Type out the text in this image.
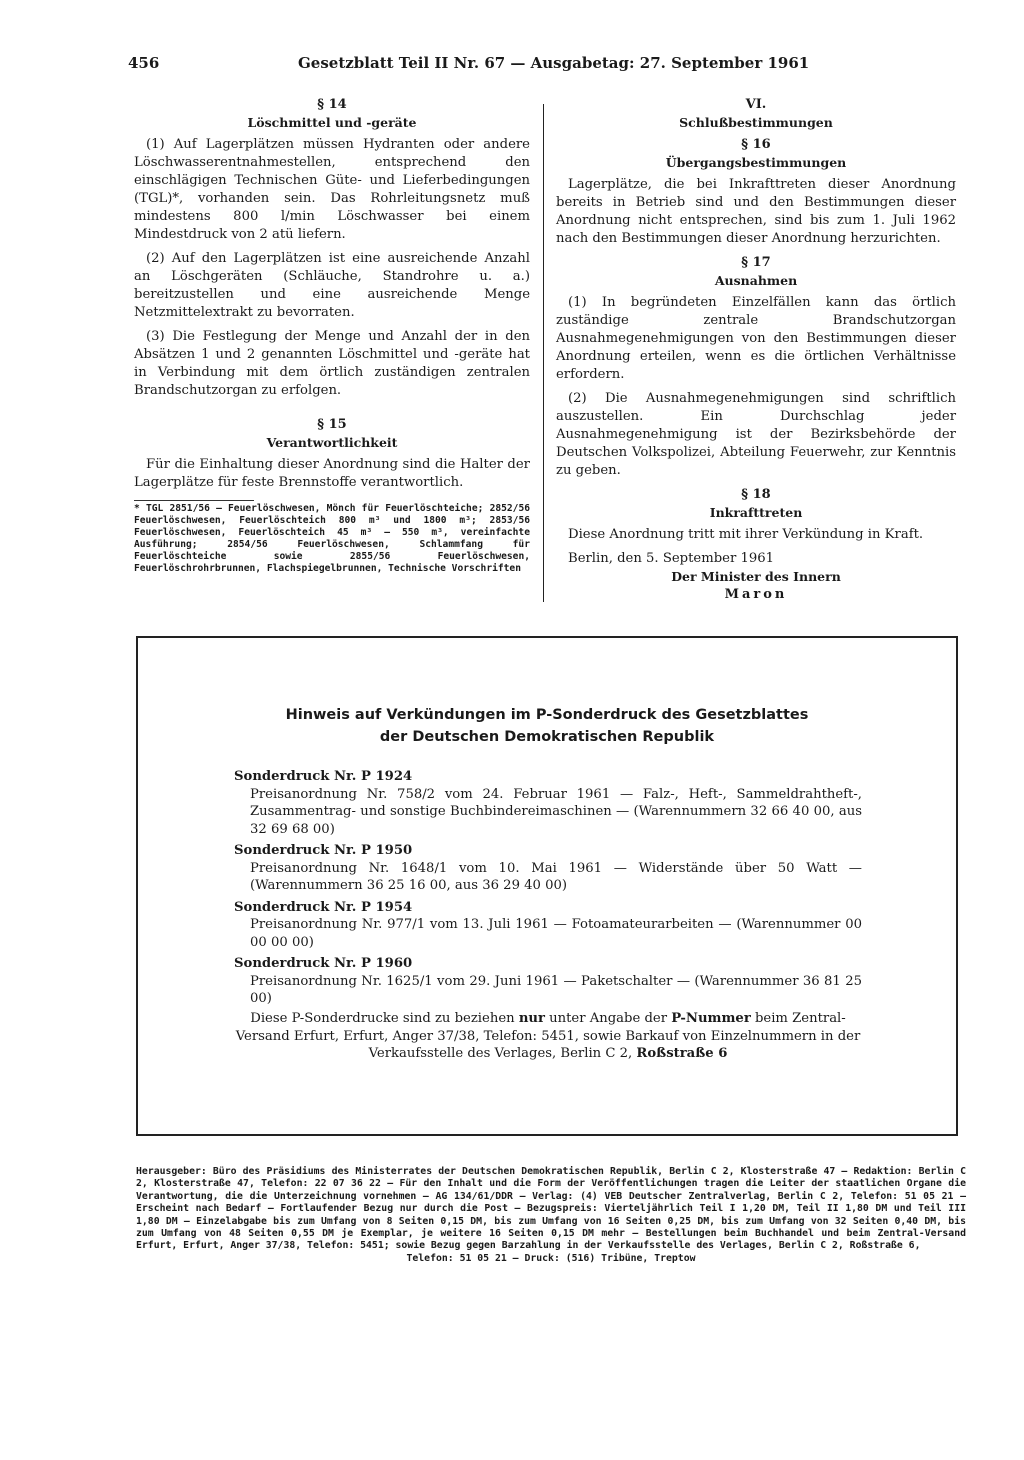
456	Gesetzblatt Teil II Nr. 67 — Ausgabetag: 27. September 1961
§ 14
Löschmittel und -geräte

(1) Auf Lagerplätzen müssen Hydranten oder andere Löschwasserentnahmestellen, entsprechend den einschlägigen Technischen Güte- und Lieferbedingungen (TGL)*, vorhanden sein. Das Rohrleitungsnetz muß mindestens 800 l/min Löschwasser bei einem Mindestdruck von 2 atü liefern.

(2) Auf den Lagerplätzen ist eine ausreichende Anzahl an Löschgeräten (Schläuche, Standrohre u. a.) bereitzustellen und eine ausreichende Menge Netzmittelextrakt zu bevorraten.

(3) Die Festlegung der Menge und Anzahl der in den Absätzen 1 und 2 genannten Löschmittel und -geräte hat in Verbindung mit dem örtlich zuständigen zentralen Brandschutzorgan zu erfolgen.

§ 15
Verantwortlichkeit

Für die Einhaltung dieser Anordnung sind die Halter der Lagerplätze für feste Brennstoffe verantwortlich.

* TGL 2851/56 – Feuerlöschwesen, Mönch für Feuerlöschteiche; 2852/56 Feuerlöschwesen, Feuerlöschteich 800 m³ und 1800 m³; 2853/56 Feuerlöschwesen, Feuerlöschteich 45 m³ – 550 m³, vereinfachte Ausführung; 2854/56 Feuerlöschwesen, Schlammfang für Feuerlöschteiche sowie 2855/56 Feuerlöschwesen, Feuerlöschrohrbrunnen, Flachspiegelbrunnen, Technische Vorschriften
VI.
Schlußbestimmungen
§ 16
Übergangsbestimmungen

Lagerplätze, die bei Inkrafttreten dieser Anordnung bereits in Betrieb sind und den Bestimmungen dieser Anordnung nicht entsprechen, sind bis zum 1. Juli 1962 nach den Bestimmungen dieser Anordnung herzurichten.

§ 17
Ausnahmen

(1) In begründeten Einzelfällen kann das örtlich zuständige zentrale Brandschutzorgan Ausnahmegenehmigungen von den Bestimmungen dieser Anordnung erteilen, wenn es die örtlichen Verhältnisse erfordern.

(2) Die Ausnahmegenehmigungen sind schriftlich auszustellen. Ein Durchschlag jeder Ausnahmegenehmigung ist der Bezirksbehörde der Deutschen Volkspolizei, Abteilung Feuerwehr, zur Kenntnis zu geben.

§ 18
Inkrafttreten

Diese Anordnung tritt mit ihrer Verkündung in Kraft.

Berlin, den 5. September 1961
Der Minister des Innern
Maron
Hinweis auf Verkündungen im P-Sonderdruck des Gesetzblattes
der Deutschen Demokratischen Republik
Sonderdruck Nr. P 1924
Preisanordnung Nr. 758/2 vom 24. Februar 1961 — Falz-, Heft-, Sammeldrahtheft-, Zusammentrag- und sonstige Buchbindereimaschinen — (Warennummern 32 66 40 00, aus 32 69 68 00)
Sonderdruck Nr. P 1950
Preisanordnung Nr. 1648/1 vom 10. Mai 1961 — Widerstände über 50 Watt — (Warennummern 36 25 16 00, aus 36 29 40 00)
Sonderdruck Nr. P 1954
Preisanordnung Nr. 977/1 vom 13. Juli 1961 — Fotoamateurarbeiten — (Warennummer 00 00 00 00)
Sonderdruck Nr. P 1960
Preisanordnung Nr. 1625/1 vom 29. Juni 1961 — Paketschalter — (Warennummer 36 81 25 00)
Diese P-Sonderdrucke sind zu beziehen nur unter Angabe der P-Nummer beim Zentral-Versand Erfurt, Erfurt, Anger 37/38, Telefon: 5451, sowie Barkauf von Einzelnummern in der Verkaufsstelle des Verlages, Berlin C 2, Roßstraße 6
Herausgeber: Büro des Präsidiums des Ministerrates der Deutschen Demokratischen Republik, Berlin C 2, Klosterstraße 47 — Redaktion: Berlin C 2, Klosterstraße 47, Telefon: 22 07 36 22 — Für den Inhalt und die Form der Veröffentlichungen tragen die Leiter der staatlichen Organe die Verantwortung, die die Unterzeichnung vornehmen — AG 134/61/DDR — Verlag: (4) VEB Deutscher Zentralverlag, Berlin C 2, Telefon: 51 05 21 — Erscheint nach Bedarf — Fortlaufender Bezug nur durch die Post — Bezugspreis: Vierteljährlich Teil I 1,20 DM, Teil II 1,80 DM und Teil III 1,80 DM — Einzelabgabe bis zum Umfang von 8 Seiten 0,15 DM, bis zum Umfang von 16 Seiten 0,25 DM, bis zum Umfang von 32 Seiten 0,40 DM, bis zum Umfang von 48 Seiten 0,55 DM je Exemplar, je weitere 16 Seiten 0,15 DM mehr — Bestellungen beim Buchhandel und beim Zentral-Versand Erfurt, Erfurt, Anger 37/38, Telefon: 5451; sowie Bezug gegen Barzahlung in der Verkaufsstelle des Verlages, Berlin C 2, Roßstraße 6,
Telefon: 51 05 21 — Druck: (516) Tribüne, Treptow
